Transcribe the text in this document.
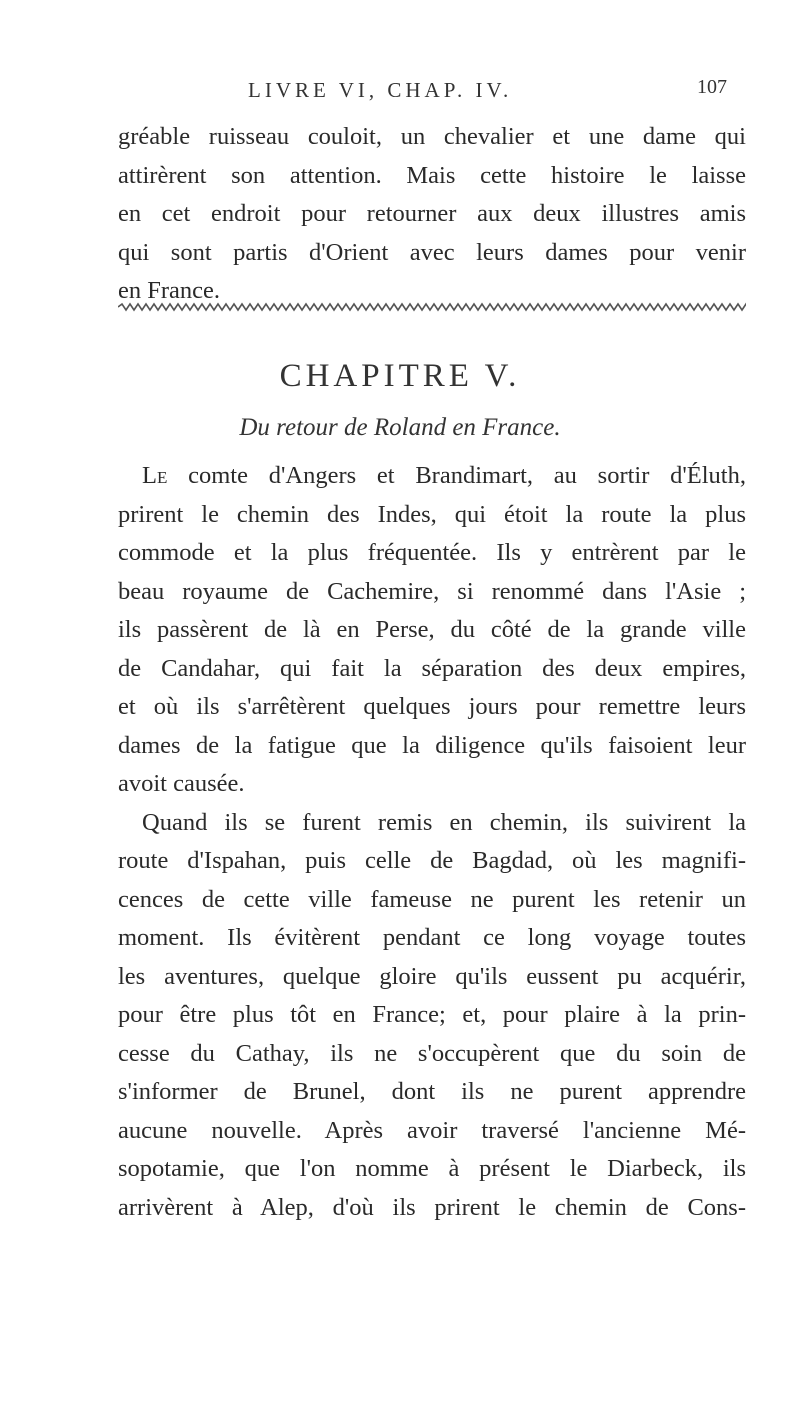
LIVRE VI, CHAP. IV.	107

gréable ruisseau couloit, un chevalier et une dame qui
attirèrent son attention. Mais cette histoire le laisse
en cet endroit pour retourner aux deux illustres amis
qui sont partis d'Orient avec leurs dames pour venir
en France.

CHAPITRE V.
Du retour de Roland en France.

Le comte d'Angers et Brandimart, au sortir d'Éluth,
prirent le chemin des Indes, qui étoit la route la plus
commode et la plus fréquentée. Ils y entrèrent par le
beau royaume de Cachemire, si renommé dans l'Asie ;
ils passèrent de là en Perse, du côté de la grande ville
de Candahar, qui fait la séparation des deux empires,
et où ils s'arrêtèrent quelques jours pour remettre leurs
dames de la fatigue que la diligence qu'ils faisoient leur
avoit causée.

Quand ils se furent remis en chemin, ils suivirent la
route d'Ispahan, puis celle de Bagdad, où les magnifi-
cences de cette ville fameuse ne purent les retenir un
moment. Ils évitèrent pendant ce long voyage toutes
les aventures, quelque gloire qu'ils eussent pu acquérir,
pour être plus tôt en France; et, pour plaire à la prin-
cesse du Cathay, ils ne s'occupèrent que du soin de
s'informer de Brunel, dont ils ne purent apprendre
aucune nouvelle. Après avoir traversé l'ancienne Mé-
sopotamie, que l'on nomme à présent le Diarbeck, ils
arrivèrent à Alep, d'où ils prirent le chemin de Cons-
